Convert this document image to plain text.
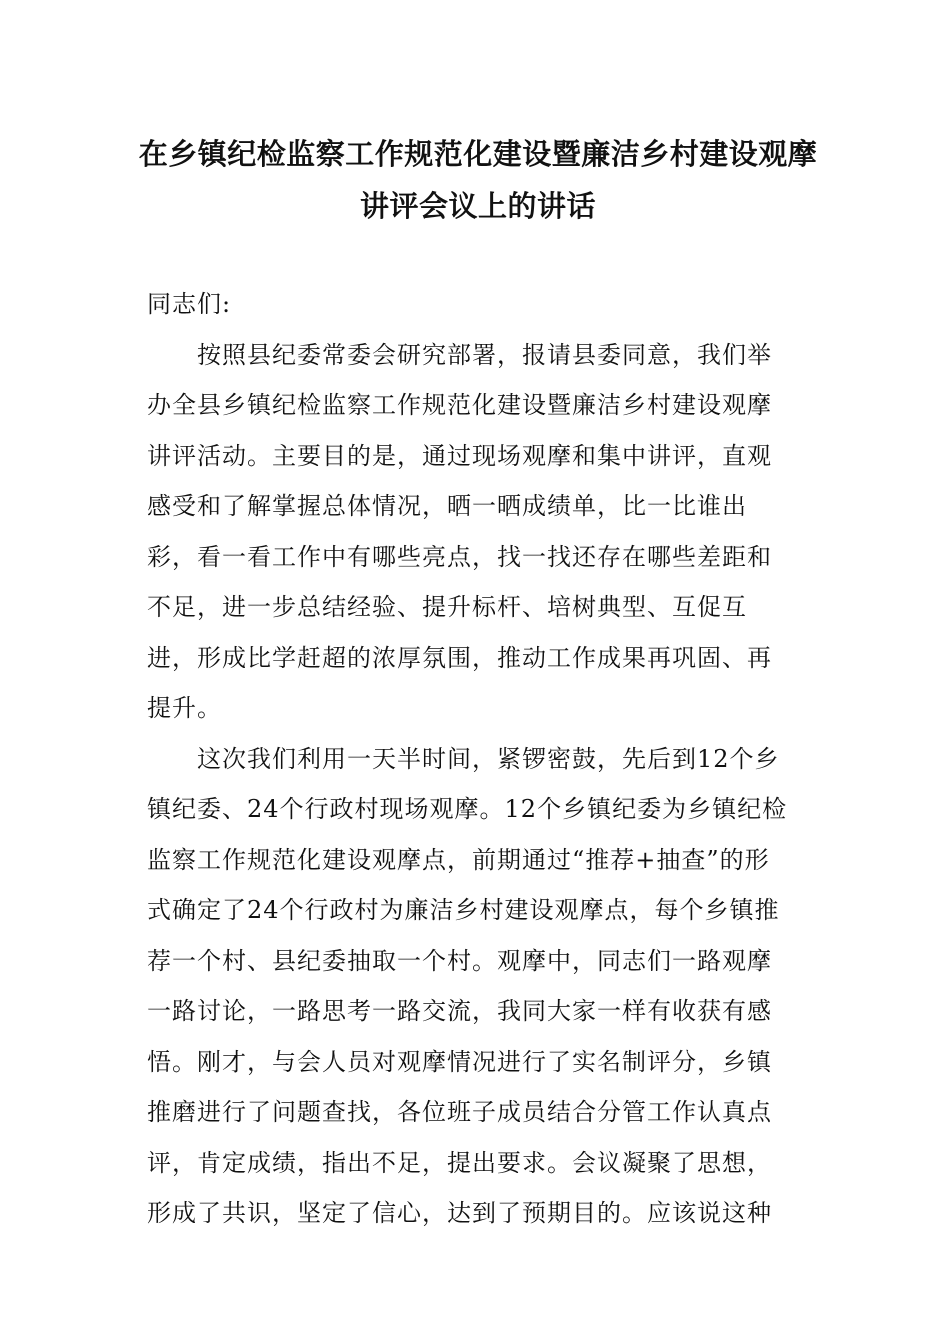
在乡镇纪检监察工作规范化建设暨廉洁乡村建设观摩
讲评会议上的讲话

同志们:

按照县纪委常委会研究部署，报请县委同意，我们举
办全县乡镇纪检监察工作规范化建设暨廉洁乡村建设观摩
讲评活动。主要目的是，通过现场观摩和集中讲评，直观
感受和了解掌握总体情况，晒一晒成绩单，比一比谁出
彩，看一看工作中有哪些亮点，找一找还存在哪些差距和
不足，进一步总结经验、提升标杆、培树典型、互促互
进，形成比学赶超的浓厚氛围，推动工作成果再巩固、再
提升。

这次我们利用一天半时间，紧锣密鼓，先后到12个乡
镇纪委、24个行政村现场观摩。12个乡镇纪委为乡镇纪检
监察工作规范化建设观摩点，前期通过“推荐+抽查”的形
式确定了24个行政村为廉洁乡村建设观摩点，每个乡镇推
荐一个村、县纪委抽取一个村。观摩中，同志们一路观摩
一路讨论，一路思考一路交流，我同大家一样有收获有感
悟。刚才，与会人员对观摩情况进行了实名制评分，乡镇
推磨进行了问题查找，各位班子成员结合分管工作认真点
评，肯定成绩，指出不足，提出要求。会议凝聚了思想，
形成了共识，坚定了信心，达到了预期目的。应该说这种
